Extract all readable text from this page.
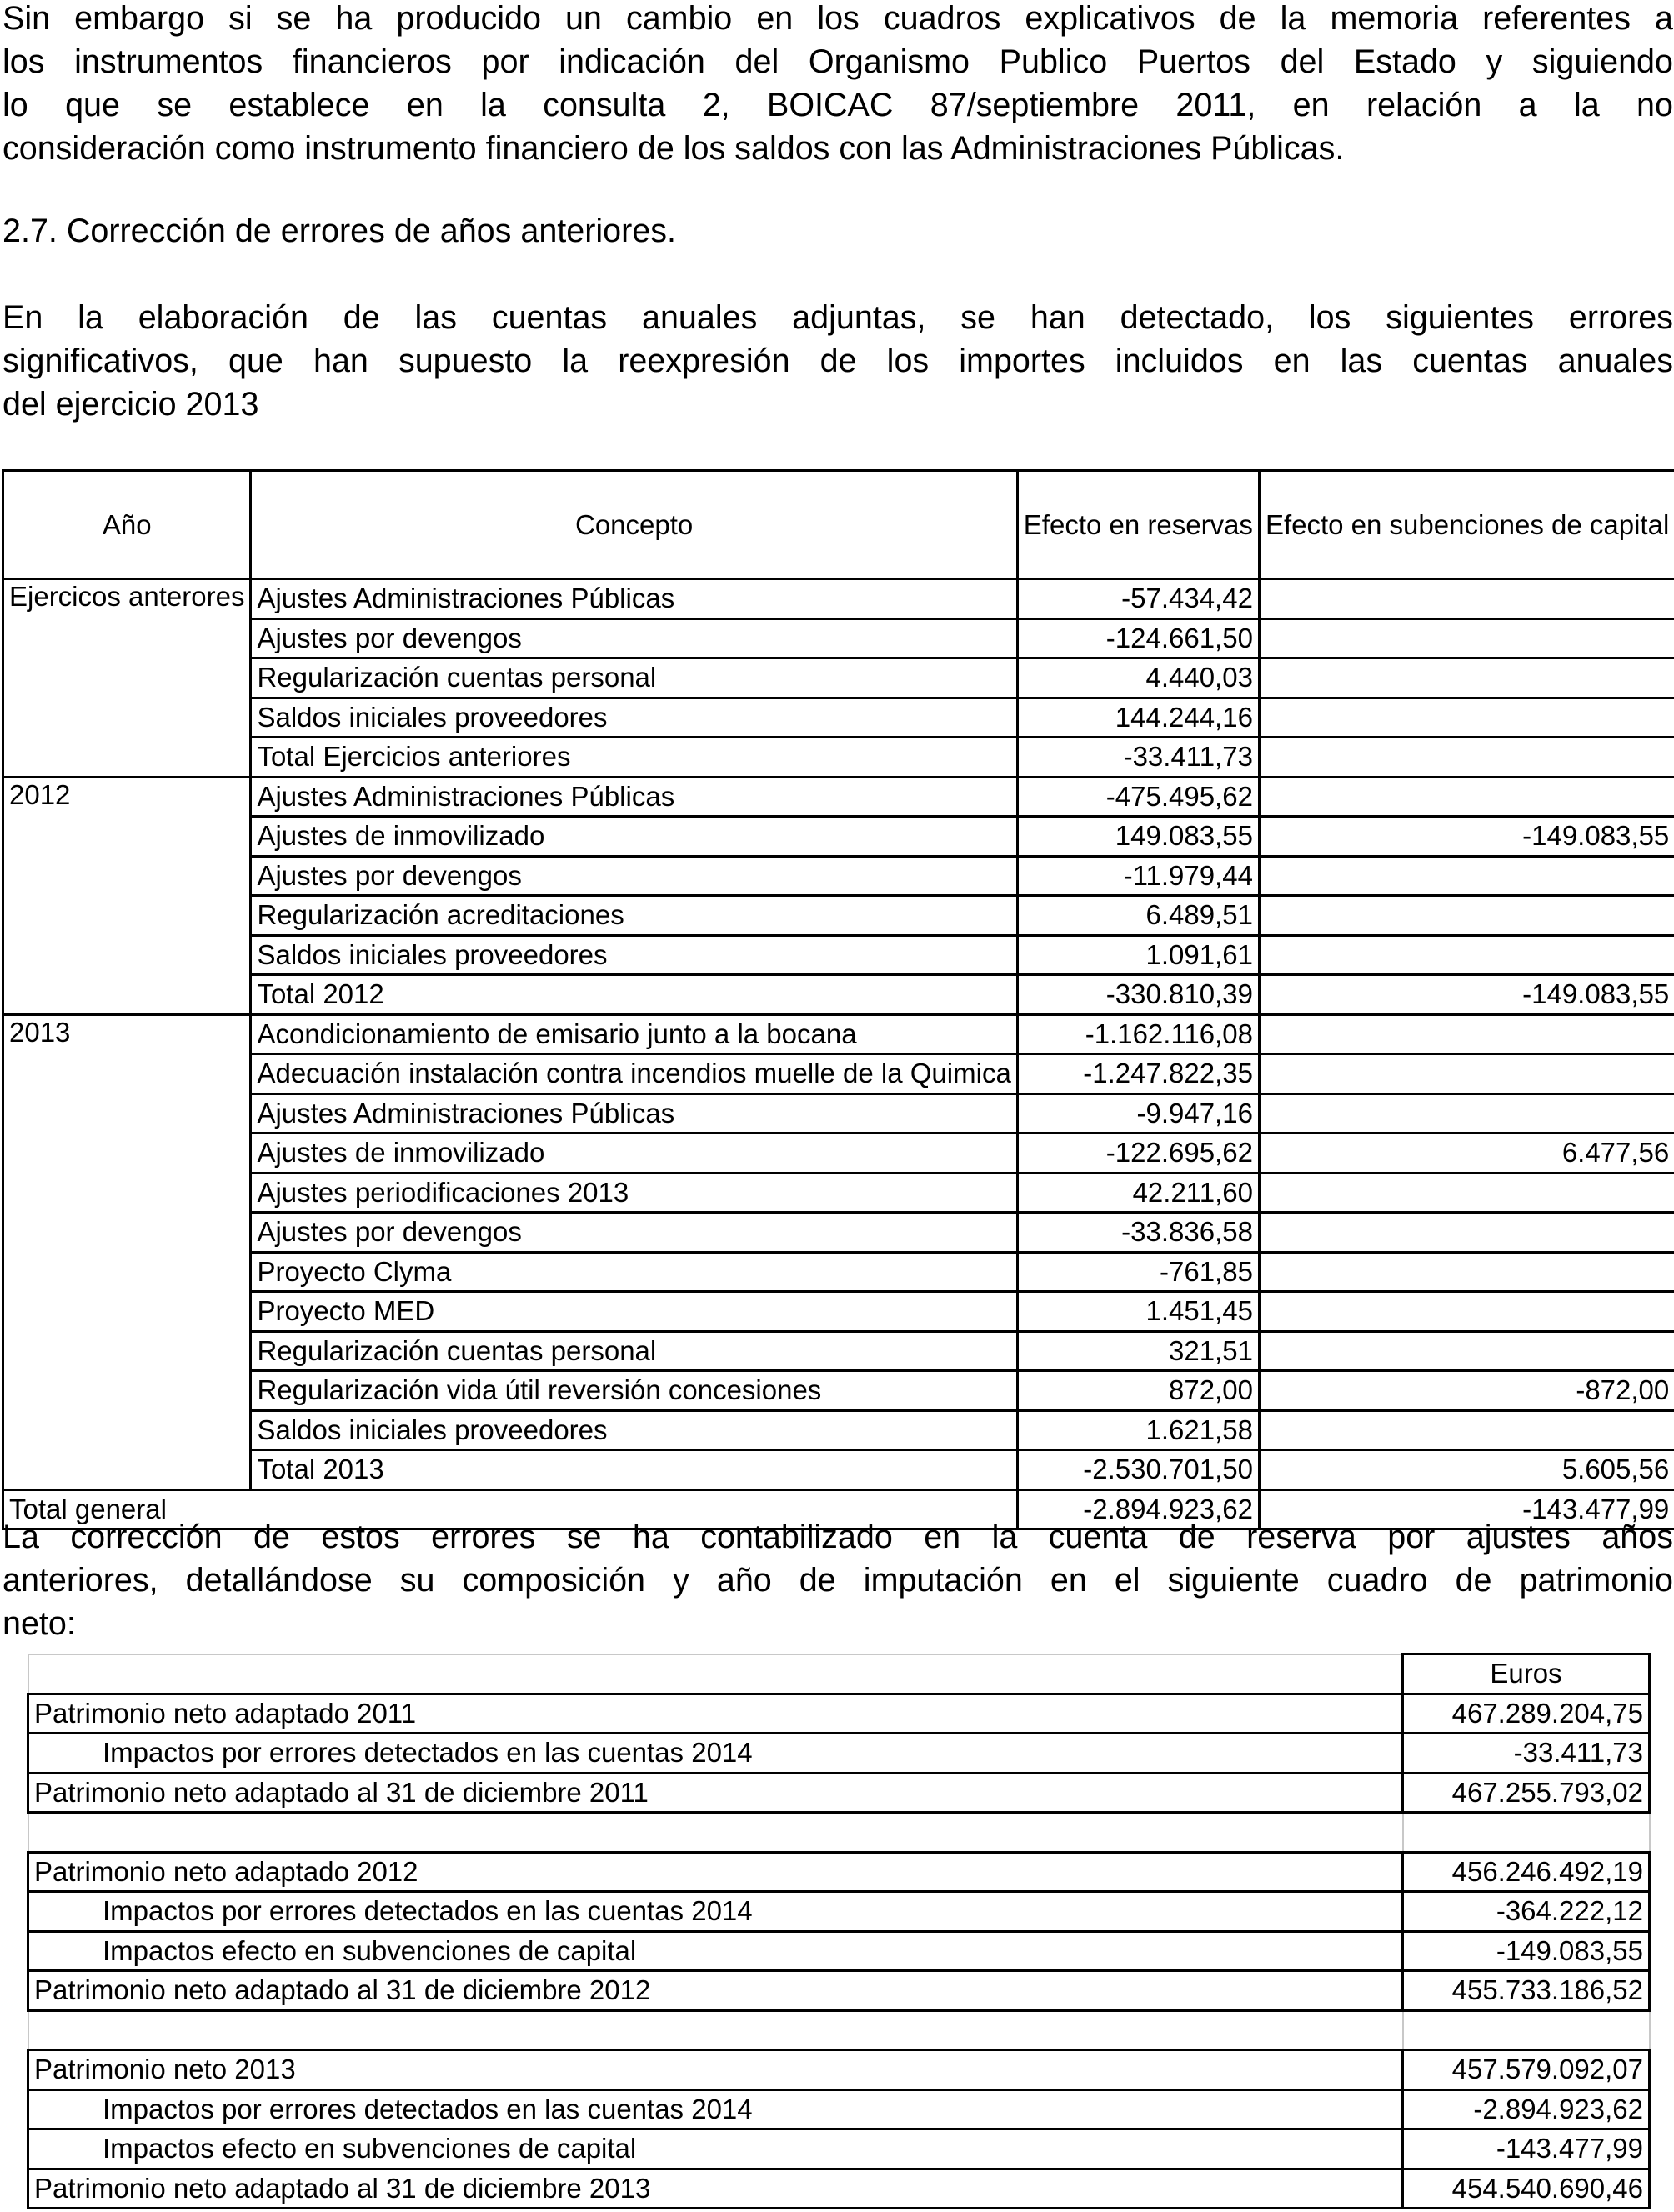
Sin embargo si se ha producido un cambio en los cuadros explicativos de la memoria referentes a
los instrumentos financieros por indicación del Organismo Publico Puertos del Estado y siguiendo
lo que se establece en la consulta 2, BOICAC 87/septiembre 2011, en relación a la no
consideración como instrumento financiero de los saldos con las Administraciones Públicas.
2.7. Corrección de errores de años anteriores.
En la elaboración de las cuentas anuales adjuntas, se han detectado, los siguientes errores
significativos, que han supuesto la reexpresión de los importes incluidos en las cuentas anuales
del ejercicio 2013
Año	Concepto	Efecto en reservas	Efecto en subenciones de capital
Ejercicos anterores	Ajustes Administraciones Públicas	-57.434,42	
	Ajustes por devengos	-124.661,50	
	Regularización cuentas personal	4.440,03	
	Saldos iniciales proveedores	144.244,16	
	Total Ejercicios anteriores	-33.411,73	
2012	Ajustes Administraciones Públicas	-475.495,62	
	Ajustes de inmovilizado	149.083,55	-149.083,55
	Ajustes por devengos	-11.979,44	
	Regularización acreditaciones	6.489,51	
	Saldos iniciales proveedores	1.091,61	
	Total 2012	-330.810,39	-149.083,55
2013	Acondicionamiento de emisario junto a la bocana	-1.162.116,08	
	Adecuación instalación contra incendios muelle de la Quimica	-1.247.822,35	
	Ajustes Administraciones Públicas	-9.947,16	
	Ajustes de inmovilizado	-122.695,62	6.477,56
	Ajustes periodificaciones 2013	42.211,60	
	Ajustes por devengos	-33.836,58	
	Proyecto Clyma	-761,85	
	Proyecto MED	1.451,45	
	Regularización cuentas personal	321,51	
	Regularización vida útil reversión concesiones	872,00	-872,00
	Saldos iniciales proveedores	1.621,58	
	Total 2013	-2.530.701,50	5.605,56
Total general		-2.894.923,62	-143.477,99
La corrección de estos errores se ha contabilizado en la cuenta de reserva por ajustes años
anteriores, detallándose su composición y año de imputación en el siguiente cuadro de patrimonio
neto:
	Euros
Patrimonio neto adaptado 2011	467.289.204,75
Impactos por errores detectados en las cuentas 2014	-33.411,73
Patrimonio neto adaptado al 31 de diciembre 2011	467.255.793,02

Patrimonio neto adaptado 2012	456.246.492,19
Impactos por errores detectados en las cuentas 2014	-364.222,12
Impactos efecto en subvenciones de capital	-149.083,55
Patrimonio neto adaptado al 31 de diciembre 2012	455.733.186,52

Patrimonio neto 2013	457.579.092,07
Impactos por errores detectados en las cuentas 2014	-2.894.923,62
Impactos efecto en subvenciones de capital	-143.477,99
Patrimonio neto adaptado al 31 de diciembre 2013	454.540.690,46
